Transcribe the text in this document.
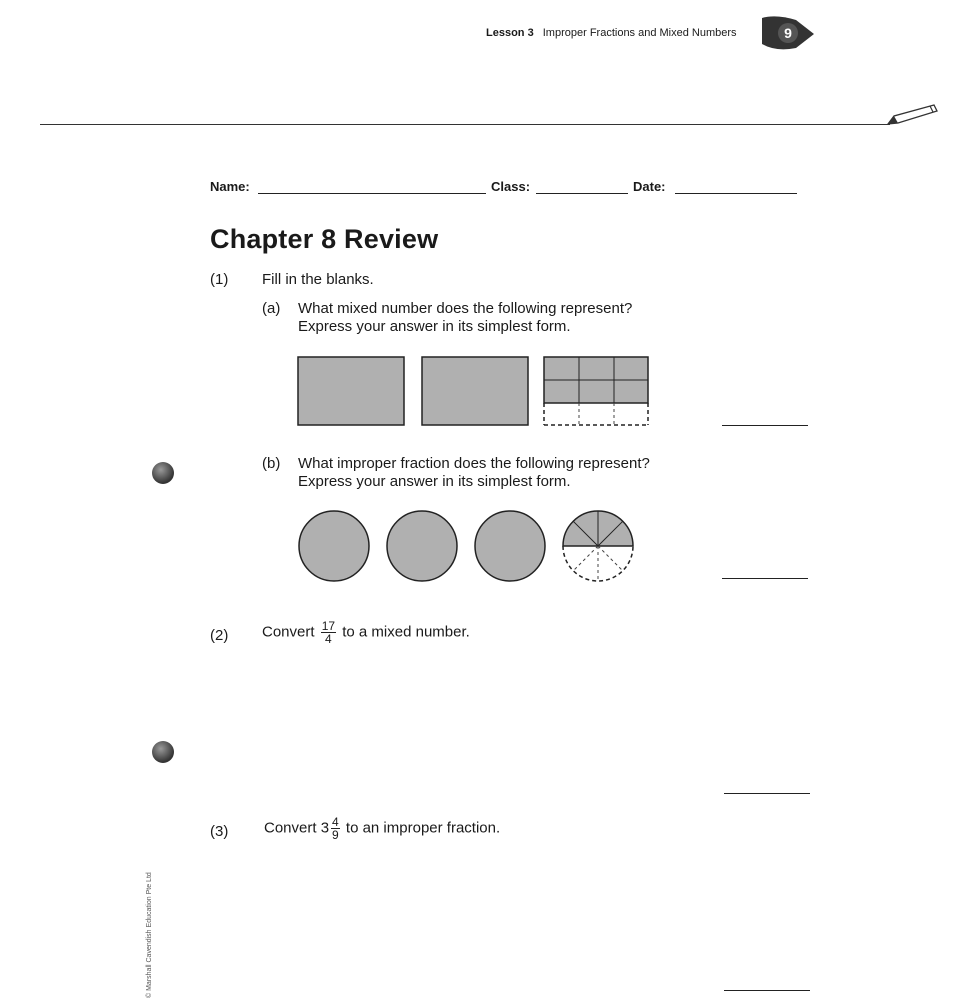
Lesson 3 Improper Fractions and Mixed Numbers	9
Name:	Class:	Date:
Chapter 8 Review
(1) Fill in the blanks.
(a) What mixed number does the following represent?
Express your answer in its simplest form.
(b) What improper fraction does the following represent?
Express your answer in its simplest form.
(2) Convert $\frac{17}{4}$ to a mixed number.
(3) Convert $3 \frac{4}{9}$ to an improper fraction.
© Marshall Cavendish Education Pte Ltd
